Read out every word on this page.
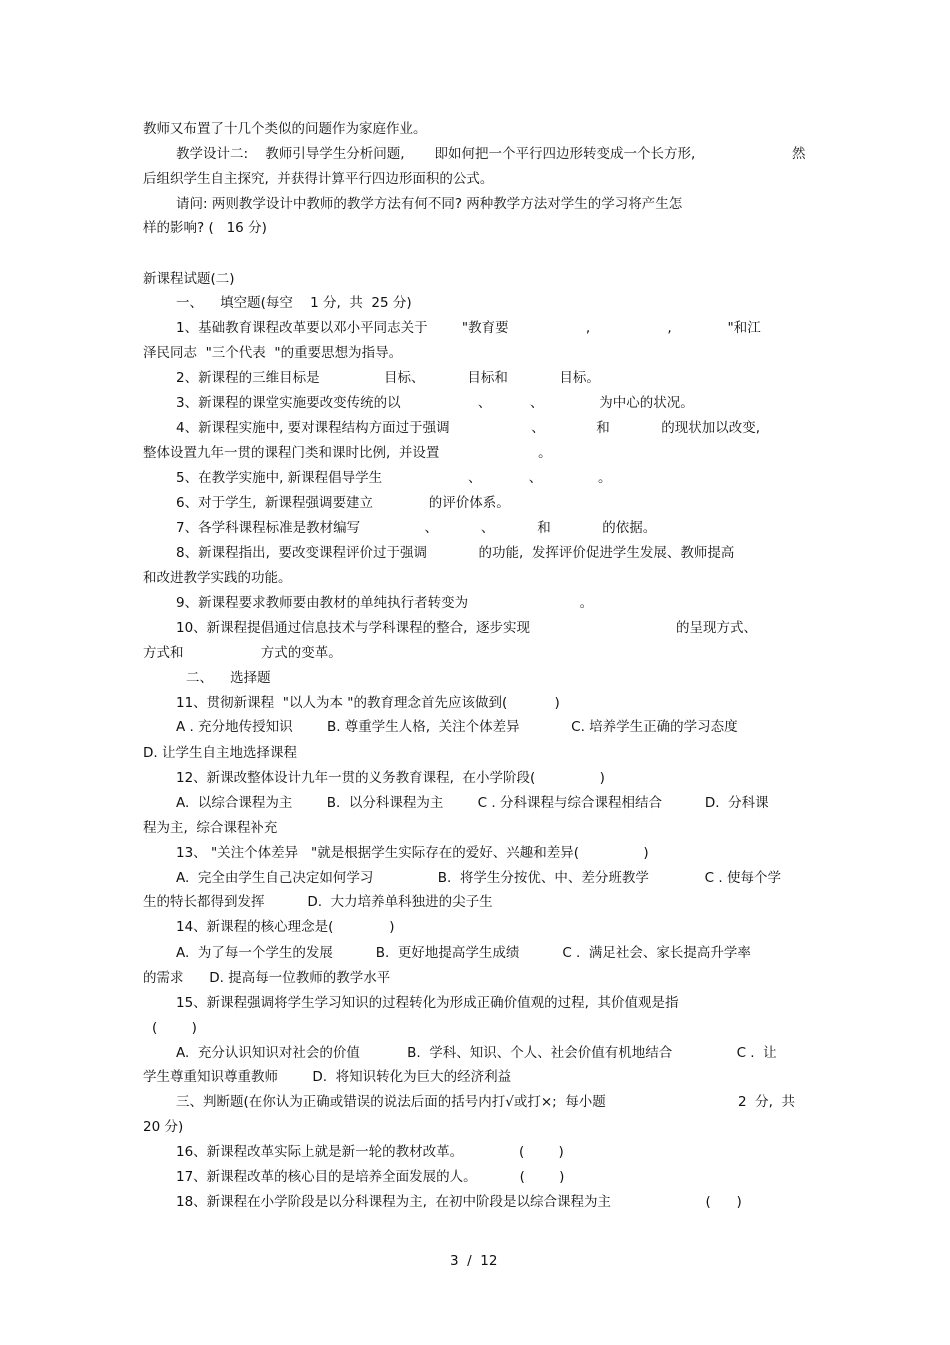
教师又布置了十几个类似的问题作为家庭作业。
教学设计二:    教师引导学生分析问题,       即如何把一个平行四边形转变成一个长方形,	然
后组织学生自主探究,  并获得计算平行四边形面积的公式。
请问: 两则教学设计中教师的教学方法有何不同? 两种教学方法对学生的学习将产生怎
样的影响? (   16 分)
新课程试题(二)
一、    填空题(每空    1 分,  共  25 分)
1、基础教育课程改革要以邓小平同志关于        "教育要                  ,                  ,             "和江
泽民同志  "三个代表  "的重要思想为指导。
2、新课程的三维目标是               目标、          目标和            目标。
3、新课程的课堂实施要改变传统的以                  、         、             为中心的状况。
4、新课程实施中, 要对课程结构方面过于强调                   、            和            的现状加以改变,
整体设置九年一贯的课程门类和课时比例,  并设置                       。
5、在教学实施中, 新课程倡导学生                    、           、             。
6、对于学生,  新课程强调要建立             的评价体系。
7、各学科课程标准是教材编写               、          、          和            的依据。
8、新课程指出,  要改变课程评价过于强调            的功能,  发挥评价促进学生发展、教师提高
和改进教学实践的功能。
9、新课程要求教师要由教材的单纯执行者转变为                          。
10、新课程提倡通过信息技术与学科课程的整合,  逐步实现                                  的呈现方式、
方式和                  方式的变革。
二、    选择题
11、贯彻新课程  "以人为本 "的教育理念首先应该做到(           )
A . 充分地传授知识        B. 尊重学生人格,  关注个体差异            C. 培养学生正确的学习态度
D. 让学生自主地选择课程
12、新课改整体设计九年一贯的义务教育课程,  在小学阶段(               )
A.  以综合课程为主        B.  以分科课程为主        C . 分科课程与综合课程相结合          D.  分科课
程为主,  综合课程补充
13、 "关注个体差异   "就是根据学生实际存在的爱好、兴趣和差异(               )
A.  完全由学生自己决定如何学习               B.  将学生分按优、中、差分班教学             C . 使每个学
生的特长都得到发挥          D.  大力培养单科独进的尖子生
14、新课程的核心理念是(             )
A.  为了每一个学生的发展          B.  更好地提高学生成绩          C .  满足社会、家长提高升学率
的需求      D. 提高每一位教师的教学水平
15、新课程强调将学生学习知识的过程转化为形成正确价值观的过程,  其价值观是指
(        )
A.  充分认识知识对社会的价值           B.  学科、知识、个人、社会价值有机地结合               C .  让
学生尊重知识尊重教师        D.  将知识转化为巨大的经济利益
三、判断题(在你认为正确或错误的说法后面的括号内打√或打×;  每小题	2  分,  共
20 分)
16、新课程改革实际上就是新一轮的教材改革。             (        )
17、新课程改革的核心目的是培养全面发展的人。          (        )
18、新课程在小学阶段是以分科课程为主,  在初中阶段是以综合课程为主                      (      )
3  /  12
